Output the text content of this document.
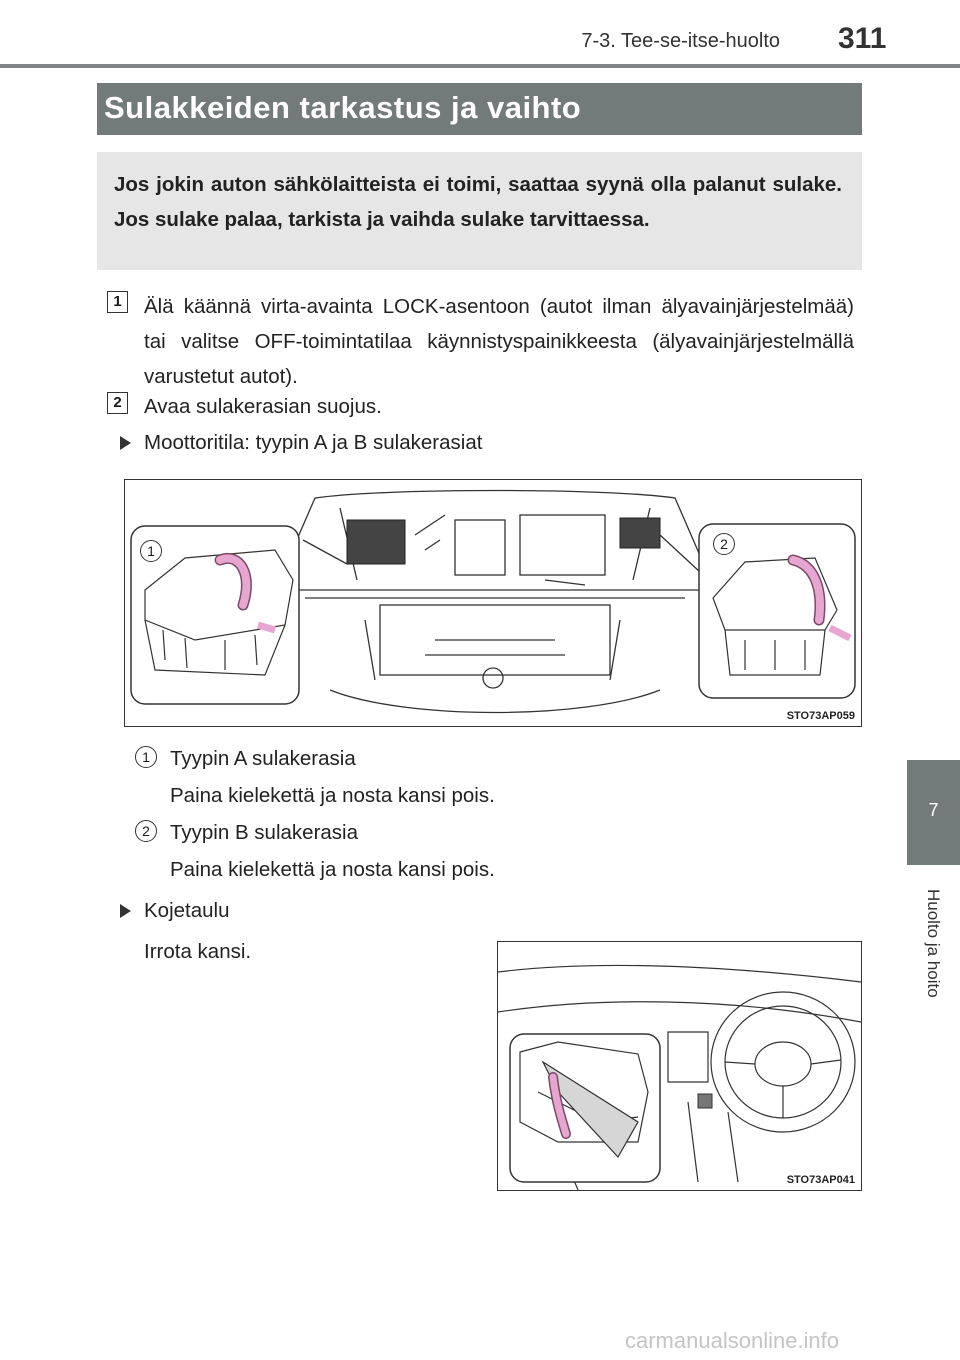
7-3. Tee-se-itse-huolto 311
Sulakkeiden tarkastus ja vaihto
Jos jokin auton sähkölaitteista ei toimi, saattaa syynä olla palanut sulake. Jos sulake palaa, tarkista ja vaihda sulake tarvittaessa.
1	Älä käännä virta-avainta LOCK-asentoon (autot ilman älyavainjärjestelmää) tai valitse OFF-toimintatilaa käynnistyspainikkeesta (älyavainjärjestelmällä varustetut autot).
2	Avaa sulakerasian suojus.
Moottoritila: tyypin A ja B sulakerasiat
1	2
STO73AP059
1 Tyypin A sulakerasia
Paina kielekettä ja nosta kansi pois.
2 Tyypin B sulakerasia
Paina kielekettä ja nosta kansi pois.
Kojetaulu
Irrota kansi.
STO73AP041
7
Huolto ja hoito
carmanualsonline.info
